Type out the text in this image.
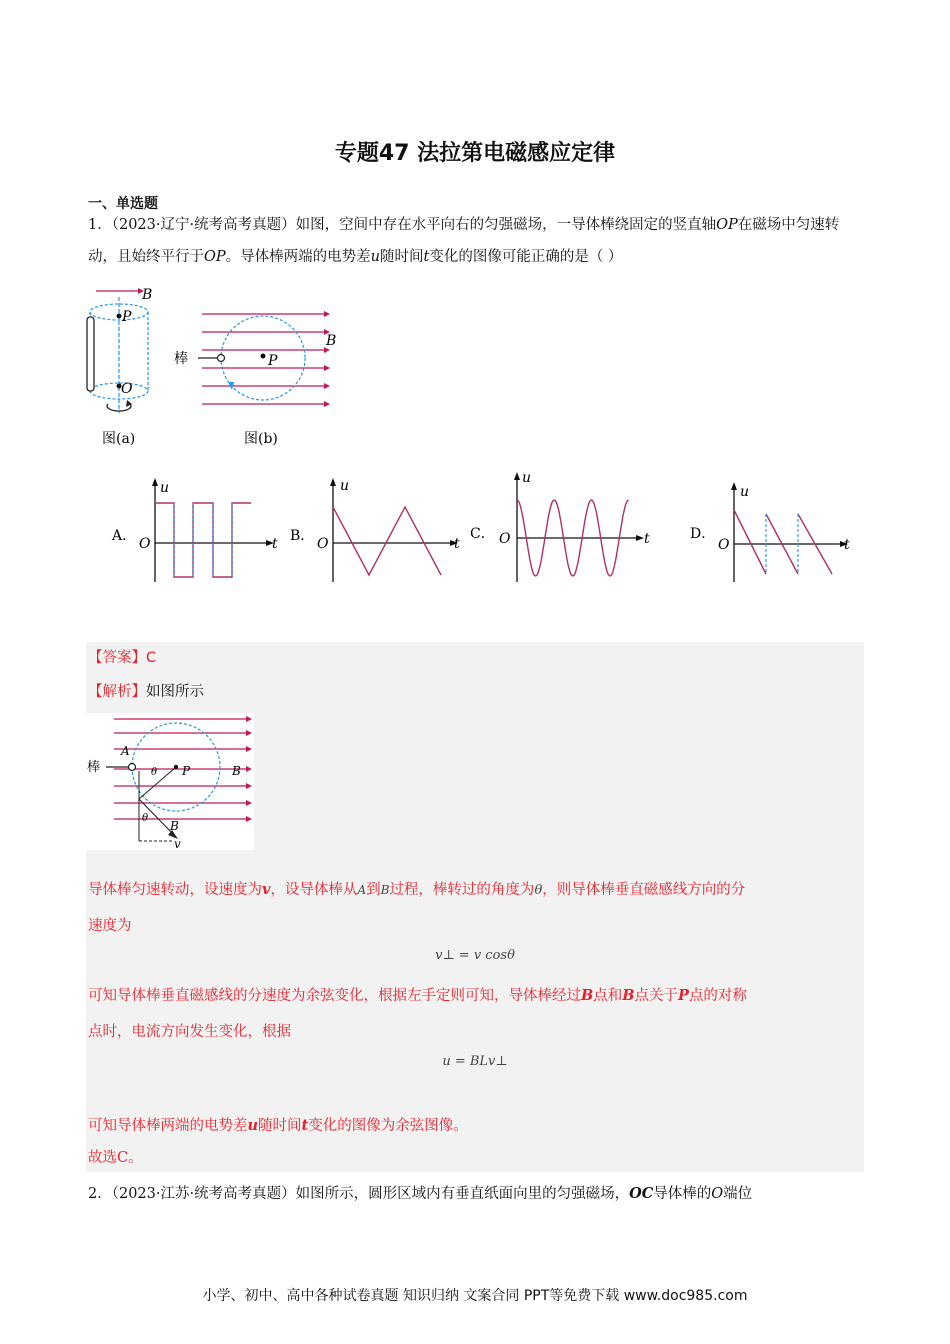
专题47 法拉第电磁感应定律
一、单选题
1．（2023·辽宁·统考高考真题）如图，空间中存在水平向右的匀强磁场，一导体棒绕固定的竖直轴OP在磁场中匀速转动，且始终平行于OP。导体棒两端的电势差u随时间t变化的图像可能正确的是（ ）
B
P
O
图(a)
棒	P
B
图(b)
A．
u
t
O	B．
u
t
O
C．
u
t
O	D．
u
t
O
【答案】C
【解析】如图所示
棒
A
θ P	B
θ
B
v
导体棒匀速转动，设速度为v，设导体棒从A到B过程，棒转过的角度为θ，则导体棒垂直磁感线方向的分
速度为
v⊥ = v cosθ
可知导体棒垂直磁感线的分速度为余弦变化，根据左手定则可知，导体棒经过B点和B点关于P点的对称
点时，电流方向发生变化，根据
u = BLv⊥
可知导体棒两端的电势差u随时间t变化的图像为余弦图像。
故选C。
2．（2023·江苏·统考高考真题）如图所示，圆形区域内有垂直纸面向里的匀强磁场，OC导体棒的O端位
小学、初中、高中各种试卷真题 知识归纳 文案合同 PPT等免费下载 www.doc985.com
